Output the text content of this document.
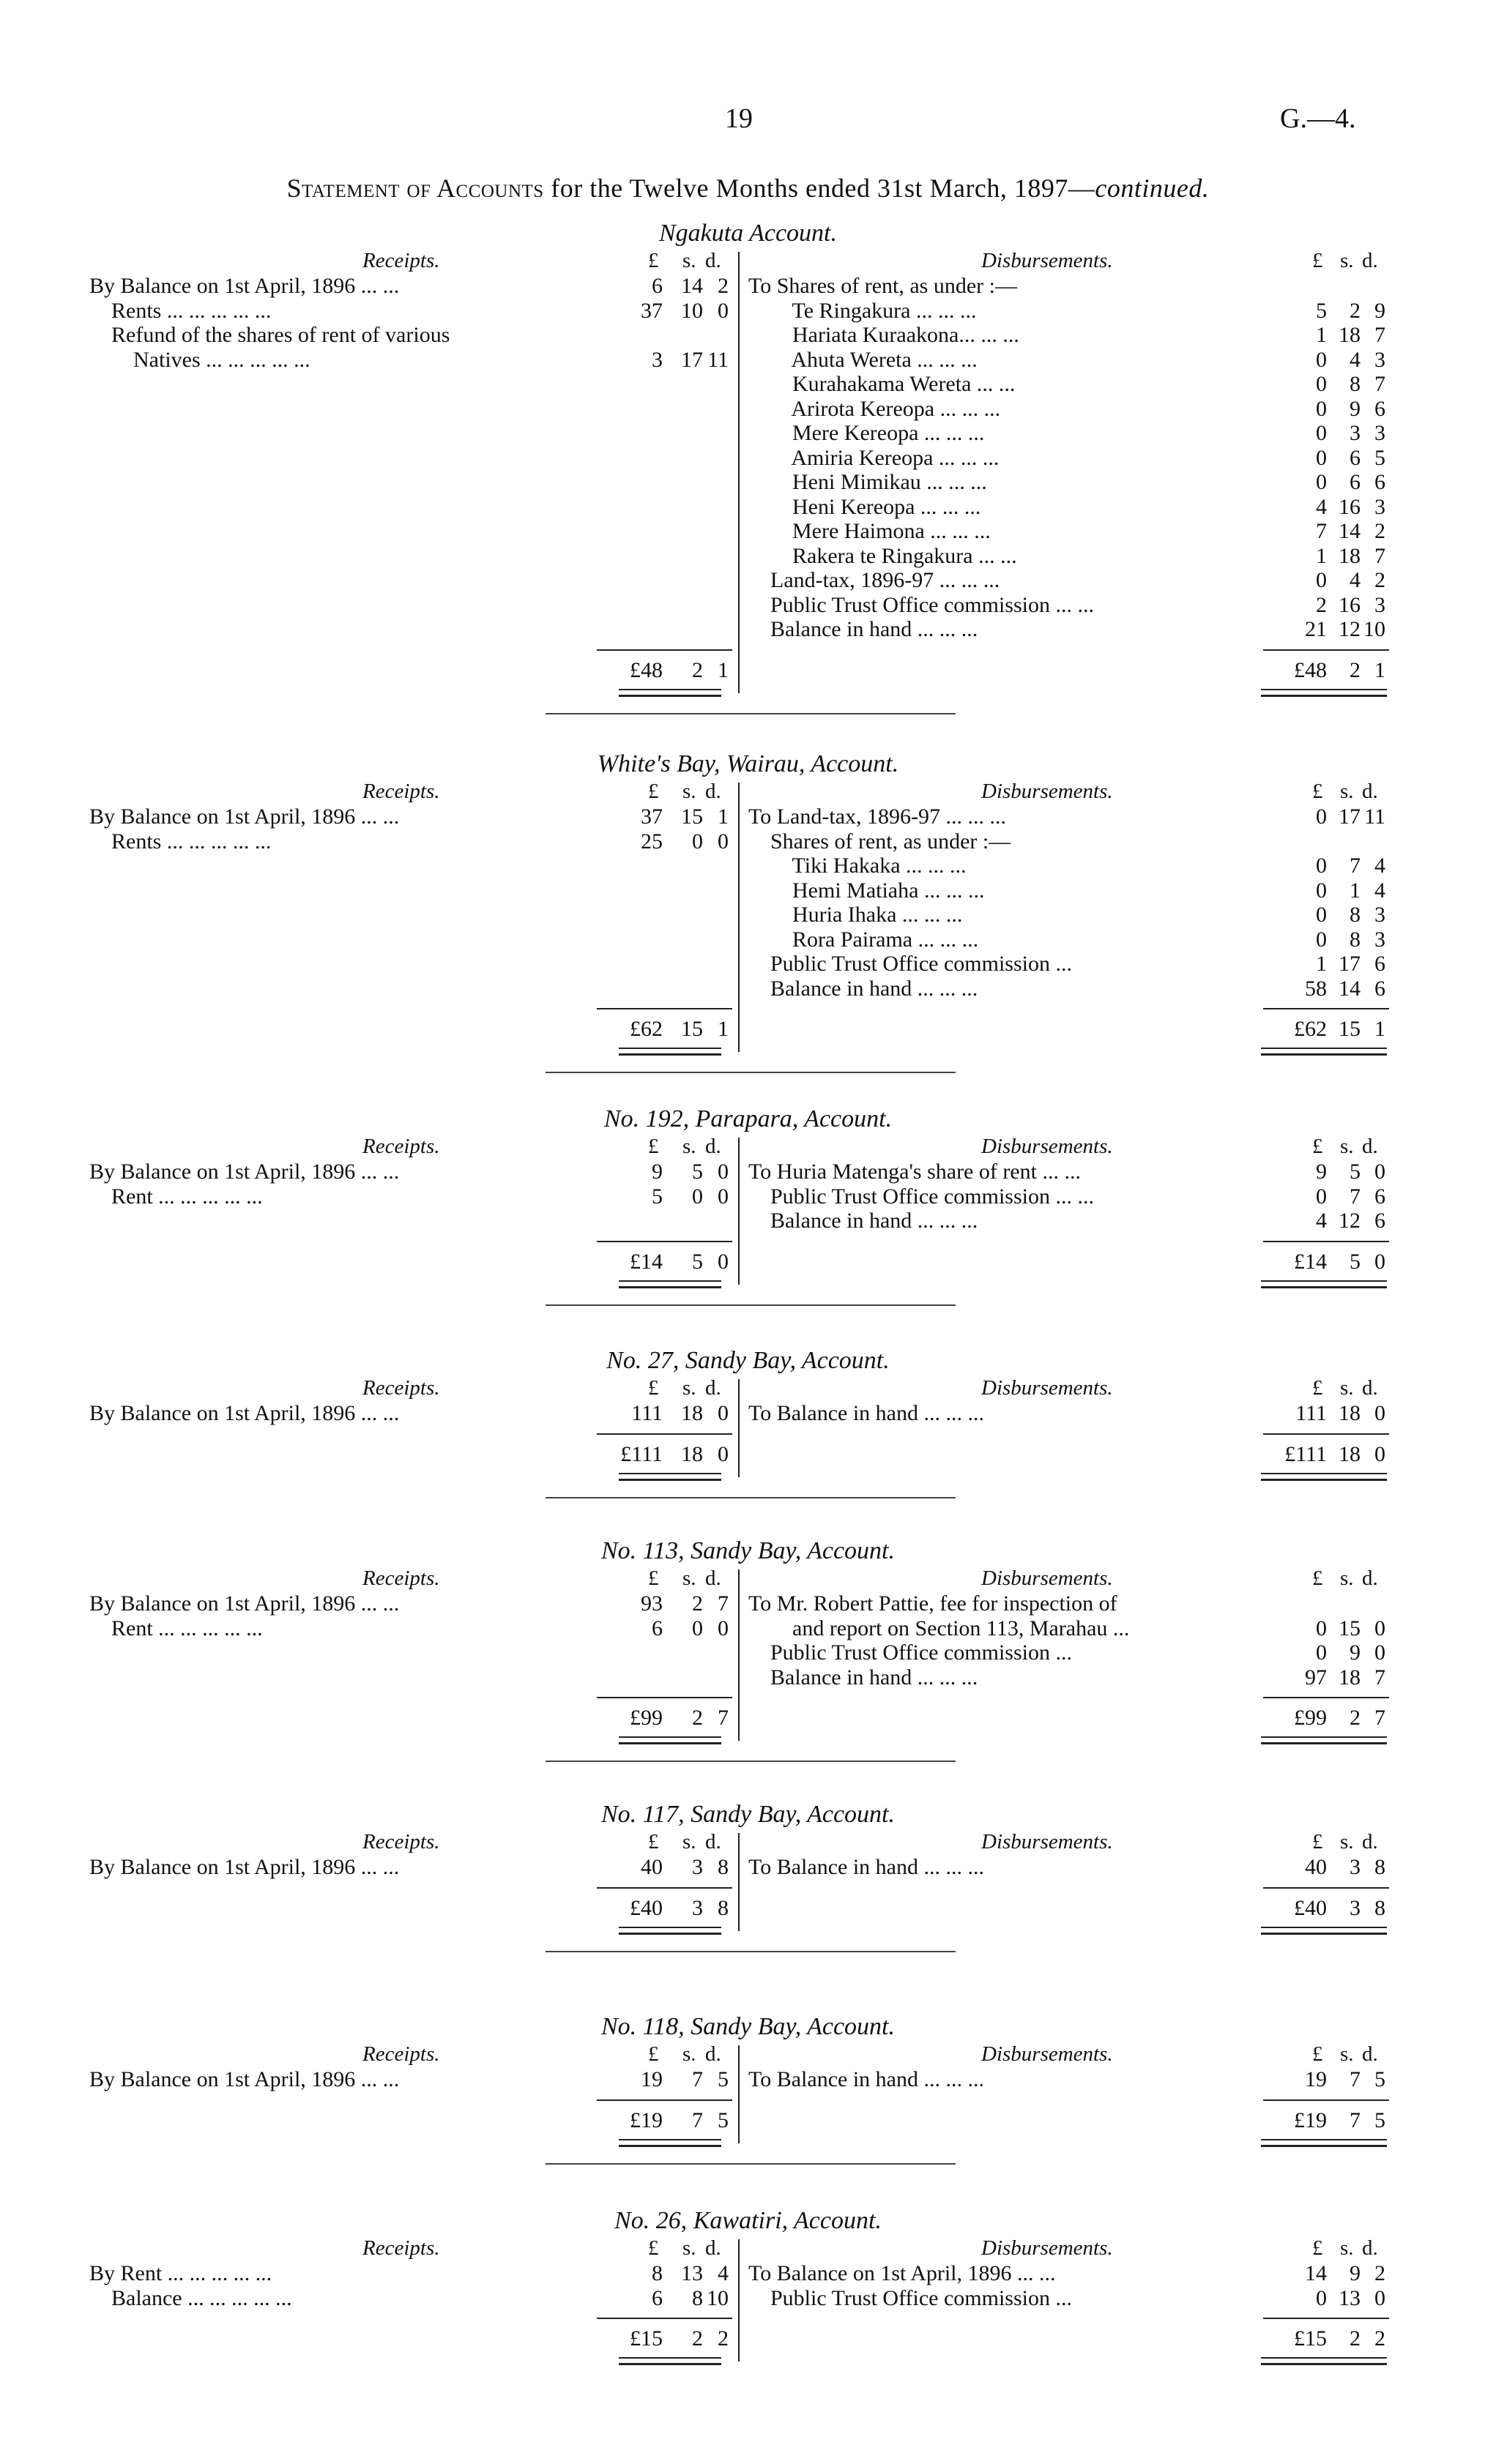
19	G.—4.
Statement of Accounts for the Twelve Months ended 31st March, 1897—continued.
Ngakuta Account.
Receipts.	Disbursements.
£ s. d.	£ s. d.
By Balance on 1st April, 1896 ... ...	6 14 2
Rents ... ... ... ... ...	37 10 0
Refund of the shares of rent of various
Natives ... ... ... ... ...	3 17 11
To Shares of rent, as under :—
Te Ringakura ... ... ...	5	2 9
Hariata Kuraakona... ... ...	1 18 7
Ahuta Wereta ... ... ...	0	4 3
Kurahakama Wereta ... ...	0	8 7
Arirota Kereopa ... ... ...	0	9 6
Mere Kereopa ... ... ...	0	3 3
Amiria Kereopa ... ... ...	0	6 5
Heni Mimikau ... ... ...	0	6 6
Heni Kereopa ... ... ...	4 16 3
Mere Haimona ... ... ...	7 14 2
Rakera te Ringakura ... ...	1 18 7
Land-tax, 1896-97 ... ... ...	0	4 2
Public Trust Office commission ... ...	2 16 3
Balance in hand ... ... ...	21 12 10
£48	2 1	£48	2 1
White's Bay, Wairau, Account.
Receipts.	Disbursements.
£ s. d.	£ s. d.
By Balance on 1st April, 1896 ... ...	37 15 1
Rents ... ... ... ... ...	25	0 0
To Land-tax, 1896-97 ... ... ...	0 17 11
Shares of rent, as under :—
Tiki Hakaka ... ... ...	0	7 4
Hemi Matiaha ... ... ...	0	1 4
Huria Ihaka ... ... ...	0	8 3
Rora Pairama ... ... ...	0	8 3
Public Trust Office commission ...	1 17 6
Balance in hand ... ... ...	58 14 6
£62 15 1	£62 15 1
No. 192, Parapara, Account.
Receipts.	Disbursements.
£ s. d.	£ s. d.
By Balance on 1st April, 1896 ... ...	9	5 0
Rent ... ... ... ... ...	5	0 0
To Huria Matenga's share of rent ... ...	9	5 0
Public Trust Office commission ... ...	0	7 6
Balance in hand ... ... ...	4 12 6
£14	5 0	£14	5 0
No. 27, Sandy Bay, Account.
Receipts.	Disbursements.
£ s. d.	£ s. d.
By Balance on 1st April, 1896 ... ...	111 18 0 To Balance in hand ... ... ...	111 18 0
£111 18 0	£111 18 0
No. 113, Sandy Bay, Account.
Receipts.	Disbursements.
£ s. d.	£ s. d.
By Balance on 1st April, 1896 ... ...	93	2 7
Rent ... ... ... ... ...	6	0 0
To Mr. Robert Pattie, fee for inspection of
and report on Section 113, Marahau ...	0 15 0
Public Trust Office commission ...	0	9 0
Balance in hand ... ... ...	97 18 7
£99	2 7	£99	2 7
No. 117, Sandy Bay, Account.
Receipts.	Disbursements.
£ s. d.	£ s. d.
By Balance on 1st April, 1896 ... ...	40	3 8 To Balance in hand ... ... ...	40	3 8
£40	3 8	£40	3 8
No. 118, Sandy Bay, Account.
Receipts.	Disbursements.
£ s. d.	£ s. d.
By Balance on 1st April, 1896 ... ...	19	7 5 To Balance in hand ... ... ...	19	7 5
£19	7 5	£19	7 5
No. 26, Kawatiri, Account.
Receipts.	Disbursements.
£ s. d.	£ s. d.
By Rent ... ... ... ... ...	8 13 4
Balance ... ... ... ... ...	6	8 10
To Balance on 1st April, 1896 ... ...	14	9 2
Public Trust Office commission ...	0 13 0
£15	2 2	£15	2 2
